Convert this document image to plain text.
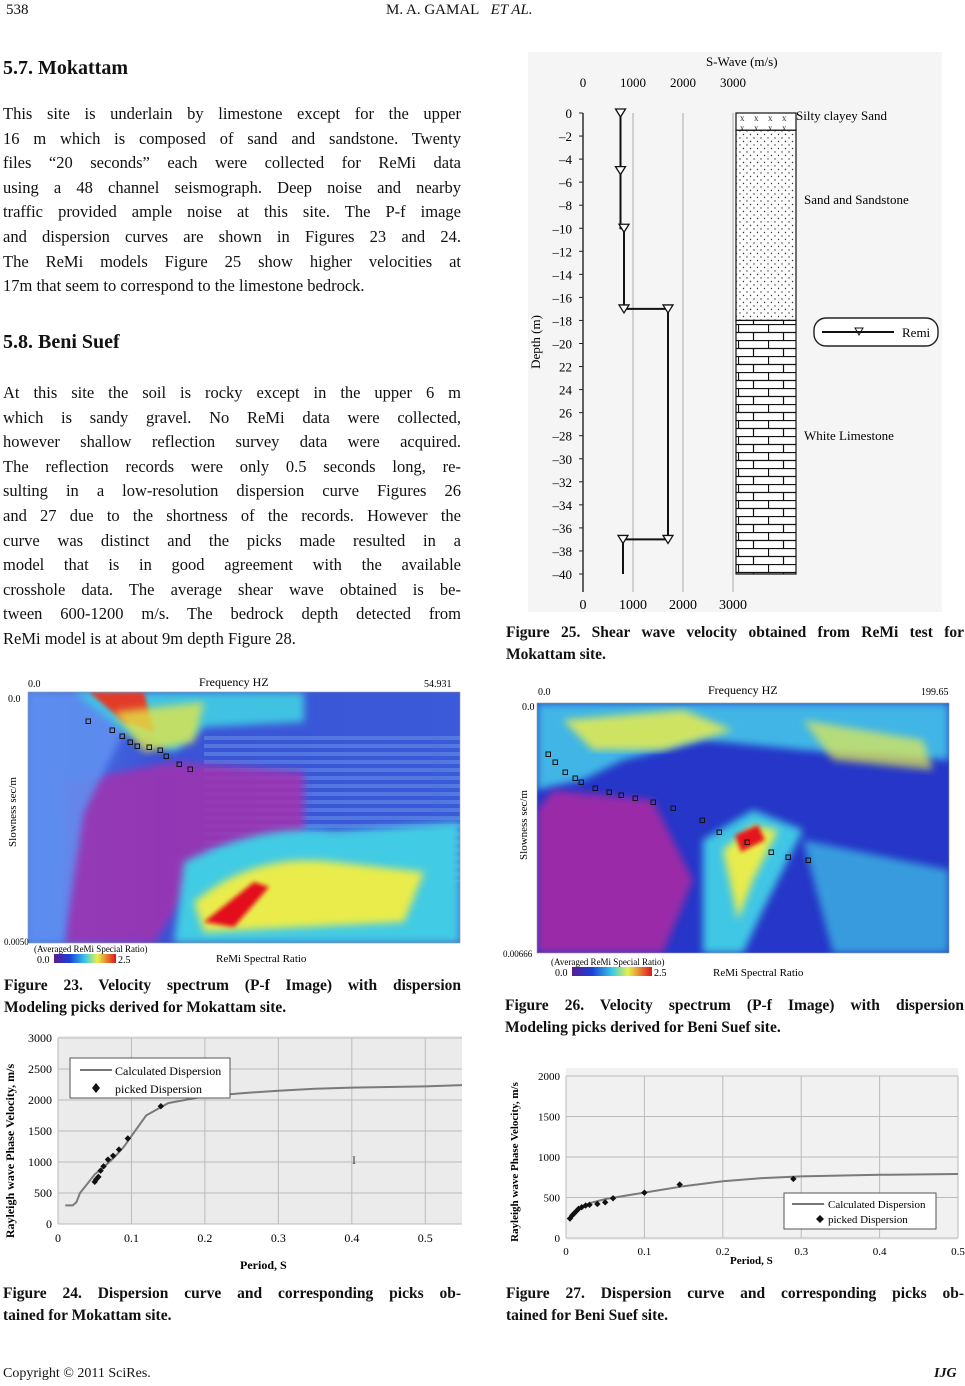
538	M. A. GAMAL ET AL.
5.7. Mokattam
This site is underlain by limestone except for the upper
16 m which is composed of sand and sandstone. Twenty
files “20 seconds” each were collected for ReMi data
using a 48 channel seismograph. Deep noise and nearby
traffic provided ample noise at this site. The P-f image
and dispersion curves are shown in Figures 23 and 24.
The ReMi models Figure 25 show higher velocities at
17m that seem to correspond to the limestone bedrock.
5.8. Beni Suef
At this site the soil is rocky except in the upper 6 m
which is sandy gravel. No ReMi data were collected,
however shallow reflection survey data were acquired.
The reflection records were only 0.5 seconds long, re-
sulting in a low-resolution dispersion curve Figures 26
and 27 due to the shortness of the records. However the
curve was distinct and the picks made resulted in a
model that is in good agreement with the available
crosshole data. The average shear wave obtained is be-
tween 600-1200 m/s. The bedrock depth detected from
ReMi model is at about 9m depth Figure 28.
S-Wave (m/s)
0	1000 2000 3000
0
–2
–4
–6
–8
–10
–12
–14
–16
–18
–20
22
24
26
–28
–30
–32
–34
–36
–38
–40
0 1000 2000 3000
Depth (m)
Silty clayey Sand
Sand and Sandstone
White Limestone
Remi
Figure 25. Shear wave velocity obtained from ReMi test for
Mokattam site.
0.0	Frequency HZ	54.931
0.0
Slowness sec/m
0.0050
(Averaged ReMi Special Ratio)
0.0	2.5	ReMi Spectral Ratio
Figure 23. Velocity spectrum (P-f Image) with dispersion
Modeling picks derived for Mokattam site.
0.0	Frequency HZ	199.65
0.0
Slowness sec/m
0.00666
(Averaged ReMi Special Ratio)
0.0	2.5	ReMi Spectral Ratio
Figure 26. Velocity spectrum (P-f Image) with dispersion
Modeling picks derived for Beni Suef site.
0
500
1000
1500
2000
2500
3000
0	0.1	0.2	0.3	0.4	0.5
Calculated Dispersion
picked Dispersion
I
Rayleigh wave Phase Velocity, m/s
Period, S
Figure 24. Dispersion curve and corresponding picks ob-
tained for Mokattam site.
0
500
1000
1500
2000
0	0.1	0.2	0.3	0.4	0.5
Calculated Dispersion
picked Dispersion
Rayleigh wave Phase Velocity, m/s
Period, S
Figure 27. Dispersion curve and corresponding picks ob-
tained for Beni Suef site.
Copyright © 2011 SciRes.	IJG
